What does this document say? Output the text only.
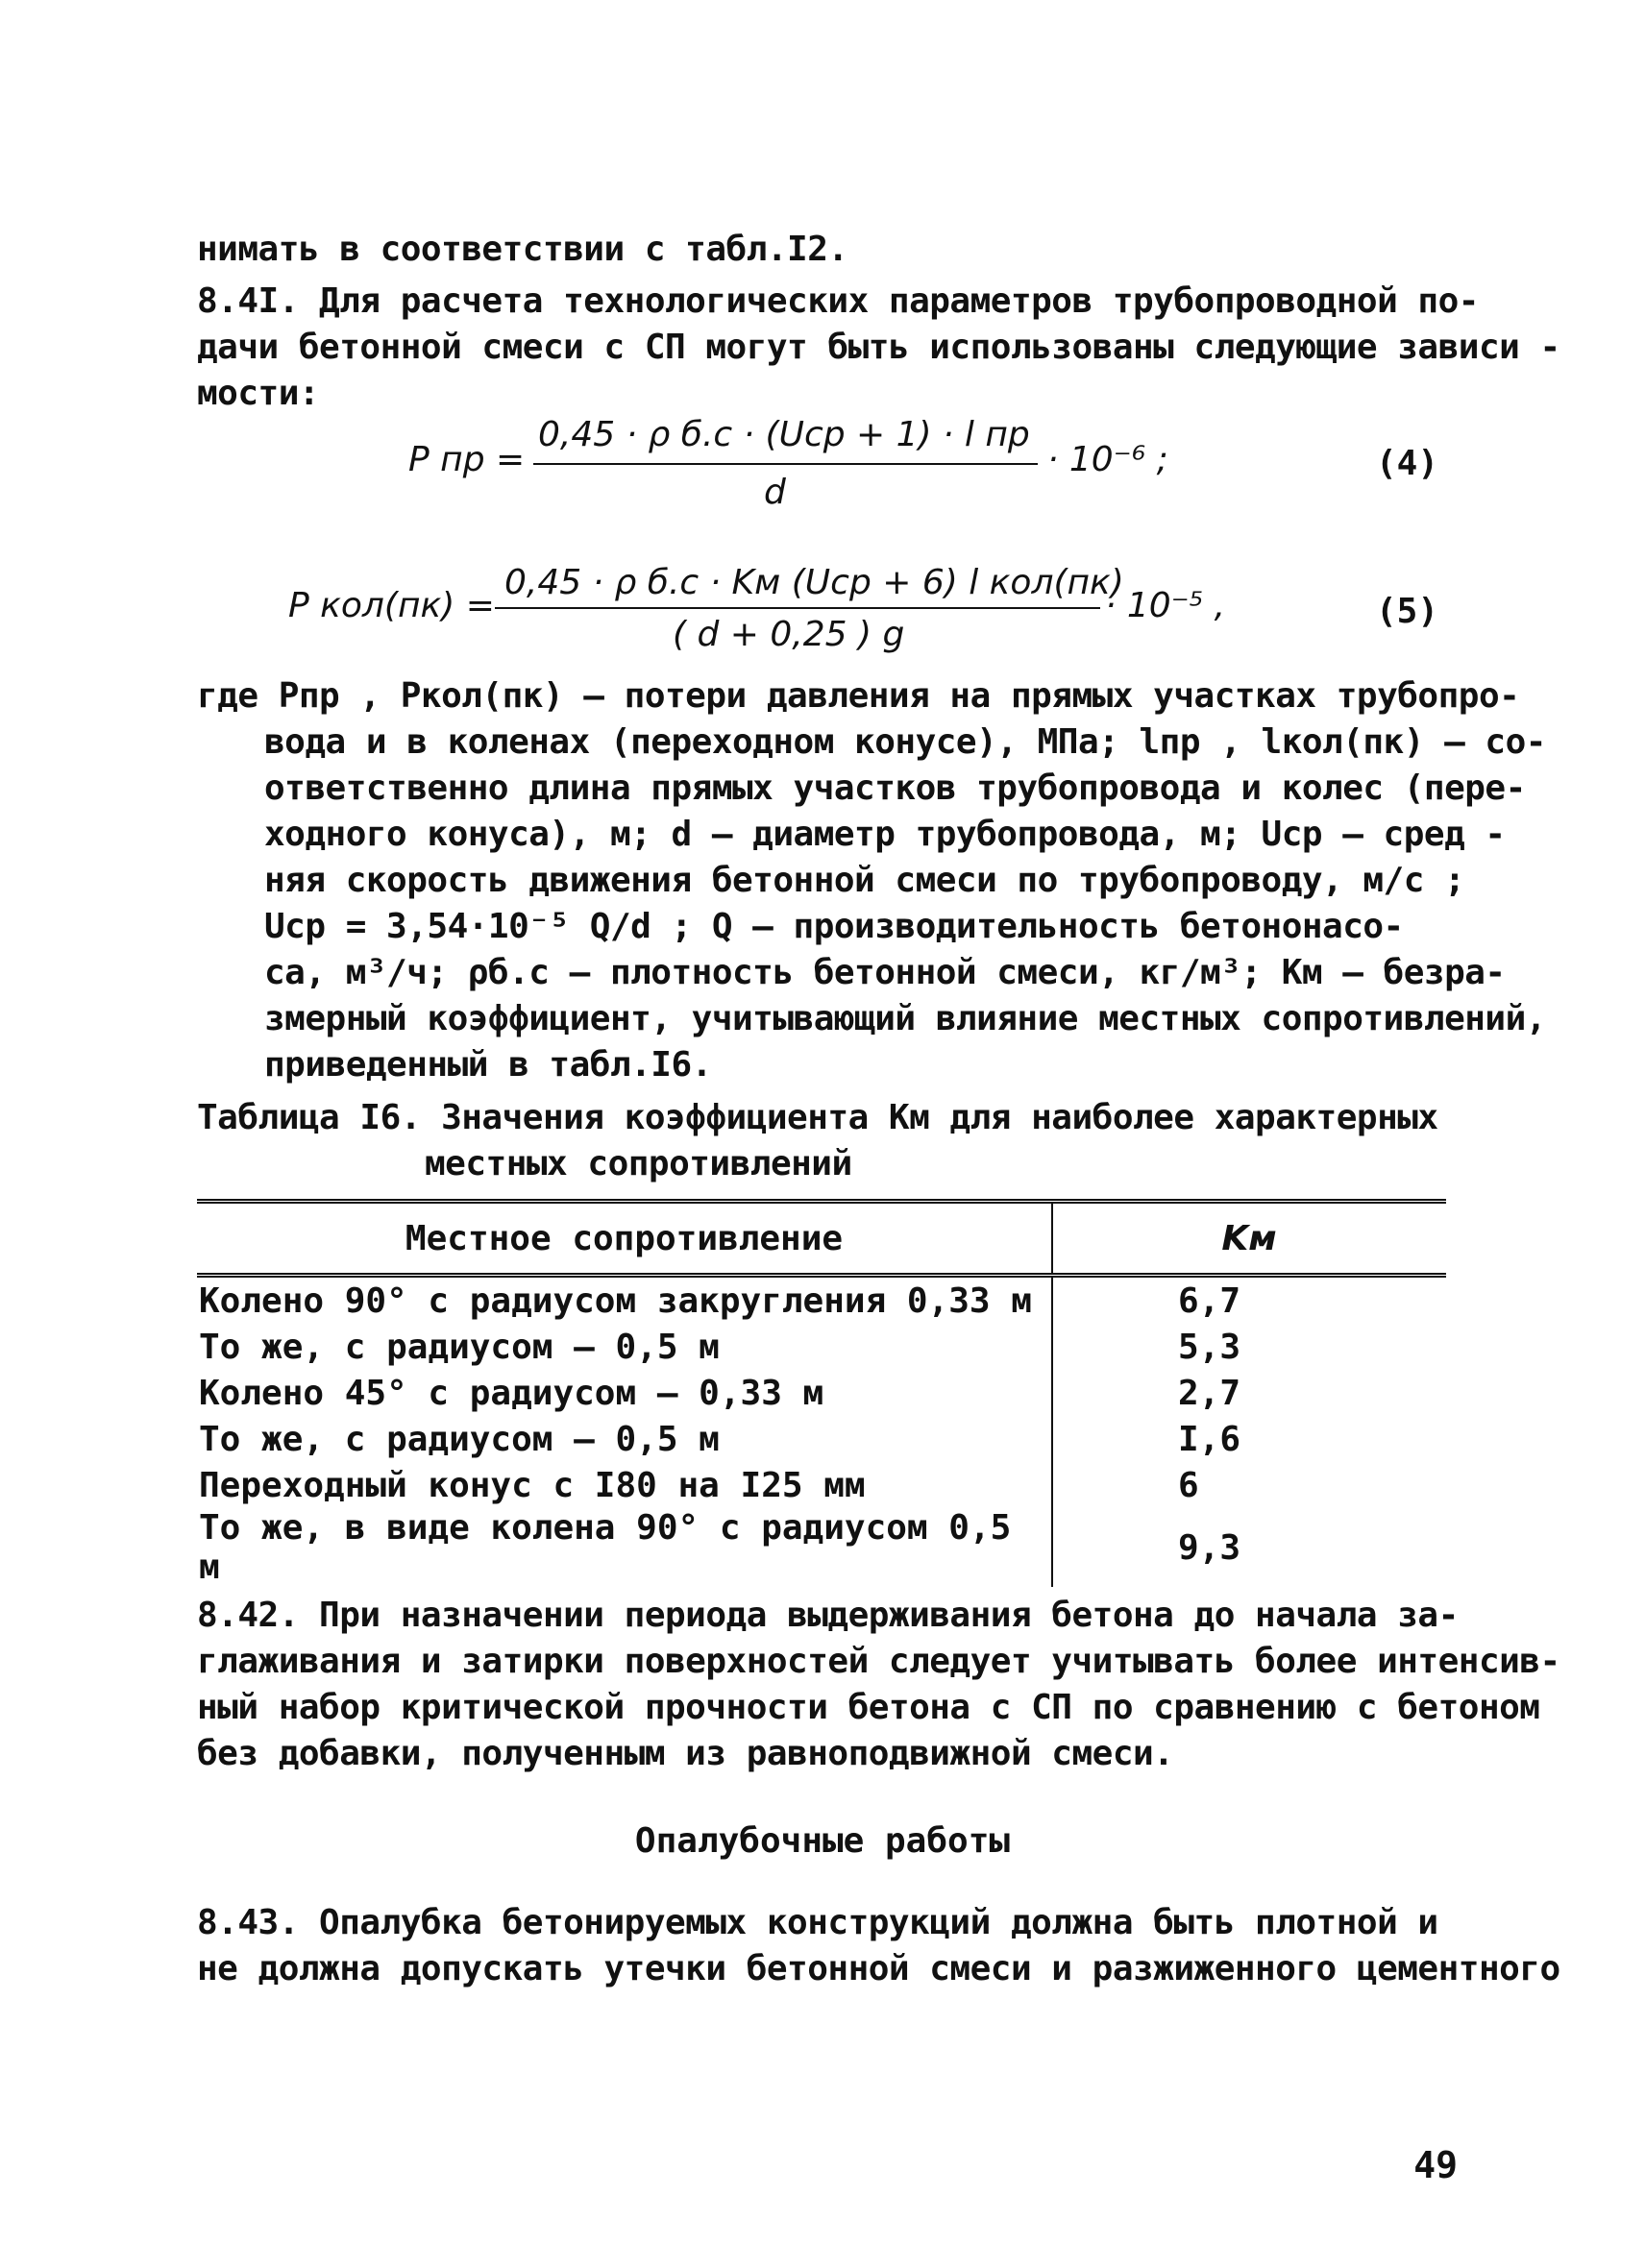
нимать в соответствии с табл.I2.
8.4I. Для расчета технологических параметров трубопроводной по-
дачи бетонной смеси с СП могут быть использованы следующие зависи -
мости:
P пр =
0,45 · ρ б.с · (Uср + 1) · l пр
d
· 10⁻⁶ ;	(4)
P кол(пк) =
0,45 · ρ б.с · Kм (Uср + 6) l кол(пк)
( d + 0,25 ) g
· 10⁻⁵ ,	(5)
где Pпр , Pкол(пк) – потери давления на прямых участках трубопро-
вода и в коленах (переходном конусе), МПа; lпр , lкол(пк) – со-
ответственно длина прямых участков трубопровода и колес (пере-
ходного конуса), м; d – диаметр трубопровода, м; Uср – сред -
няя скорость движения бетонной смеси по трубопроводу, м/с ;
Uср = 3,54·10⁻⁵ Q/d ; Q – производительность бетононасо-
са, м³/ч; ρб.с – плотность бетонной смеси, кг/м³; Kм – безра-
змерный коэффициент, учитывающий влияние местных сопротивлений,
приведенный в табл.I6.
Таблица I6. Значения коэффициента Kм для наиболее характерных
местных сопротивлений
Местное сопротивление	Kм
Колено 90° с радиусом закругления 0,33 м	6,7
То же, с радиусом – 0,5 м	5,3
Колено 45° с радиусом – 0,33 м	2,7
То же, с радиусом – 0,5 м	I,6
Переходный конус с I80 на I25 мм	6
То же, в виде колена 90° с радиусом 0,5 м	9,3
8.42. При назначении периода выдерживания бетона до начала за-
глаживания и затирки поверхностей следует учитывать более интенсив-
ный набор критической прочности бетона с СП по сравнению с бетоном
без добавки, полученным из равноподвижной смеси.
Опалубочные работы
8.43. Опалубка бетонируемых конструкций должна быть плотной и
не должна допускать утечки бетонной смеси и разжиженного цементного
49
